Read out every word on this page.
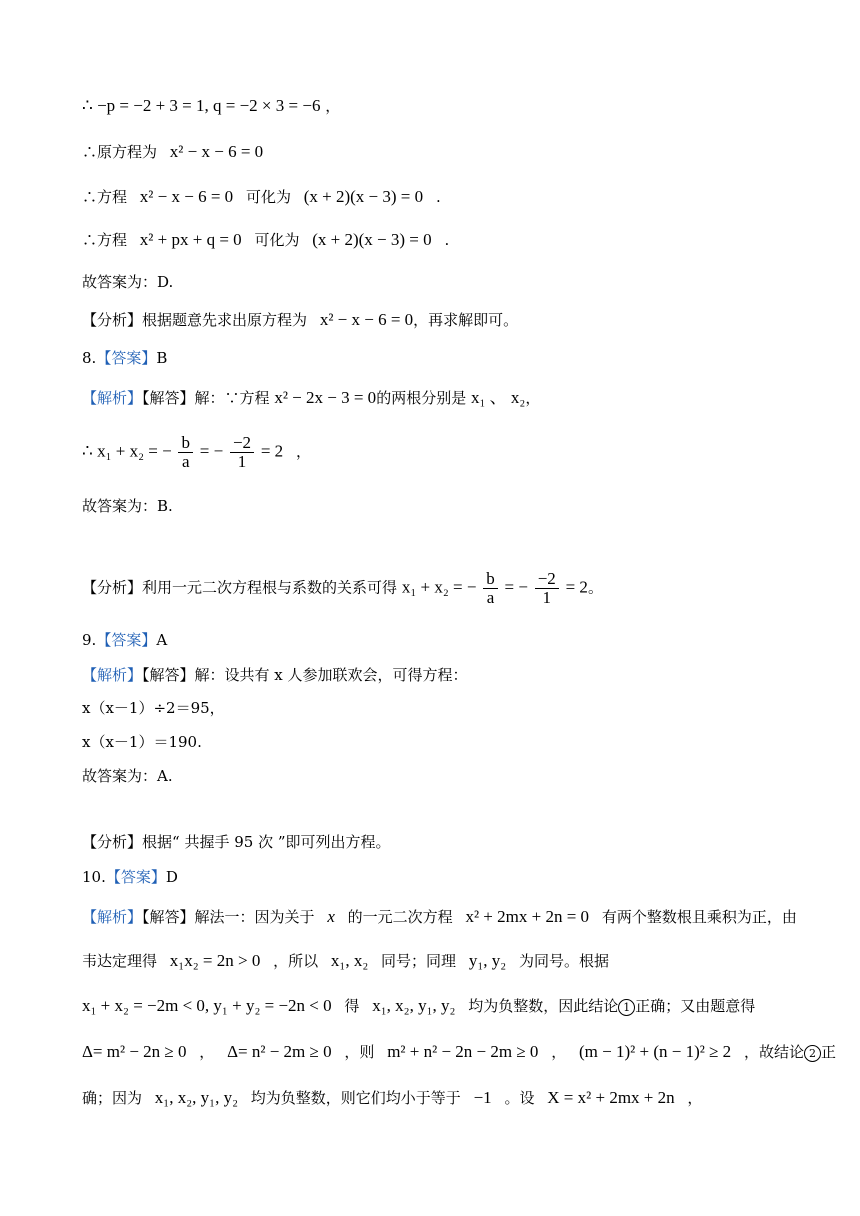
∴ −p = −2 + 3 = 1, q = −2 × 3 = −6 ，
∴原方程为 x² − x − 6 = 0
∴方程 x² − x − 6 = 0 可化为 (x + 2)(x − 3) = 0 .
∴方程 x² + px + q = 0 可化为 (x + 2)(x − 3) = 0 .
故答案为：D.
【分析】根据题意先求出原方程为 x² − x − 6 = 0，再求解即可。
8.【答案】B
【解析】【解答】解：∵方程 x² − 2x − 3 = 0的两根分别是 x₁ 、 x₂，
∴ x₁ + x₂ = − $\frac{b}{a}$ = − $\frac{-2}{1} = 2$ ，
故答案为：B.
【分析】利用一元二次方程根与系数的关系可得 x₁ + x₂ = − $\frac{b}{a}$ = − $\frac{-2}{1} = 2$。
9.【答案】A
【解析】【解答】解：设共有 x 人参加联欢会，可得方程：
x（x－1）÷2＝95，
x（x－1）＝190.
故答案为：A.
【分析】根据“ 共握手 95 次 ”即可列出方程。
10.【答案】D
【解析】【解答】解法一：因为关于 x 的一元二次方程 x² + 2mx + 2n = 0 有两个整数根且乘积为正，由
韦达定理得 x₁x₂ = 2n > 0 ，所以 x₁, x₂ 同号；同理 y₁, y₂ 为同号。根据
x₁ + x₂ = −2m < 0, y₁ + y₂ = −2n < 0 得 x₁, x₂, y₁, y₂ 均为负整数，因此结论 1 正确；又由题意得
Δ= m² − 2n ≥ 0 ， Δ= n² − 2m ≥ 0 ，则 m² + n² − 2n − 2m ≥ 0 ， (m − 1)² + (n − 1)² ≥ 2 ，故结论 2 正
确；因为 x₁, x₂, y₁, y₂ 均为负整数，则它们均小于等于 −1 。设 X = x² + 2mx + 2n ，
